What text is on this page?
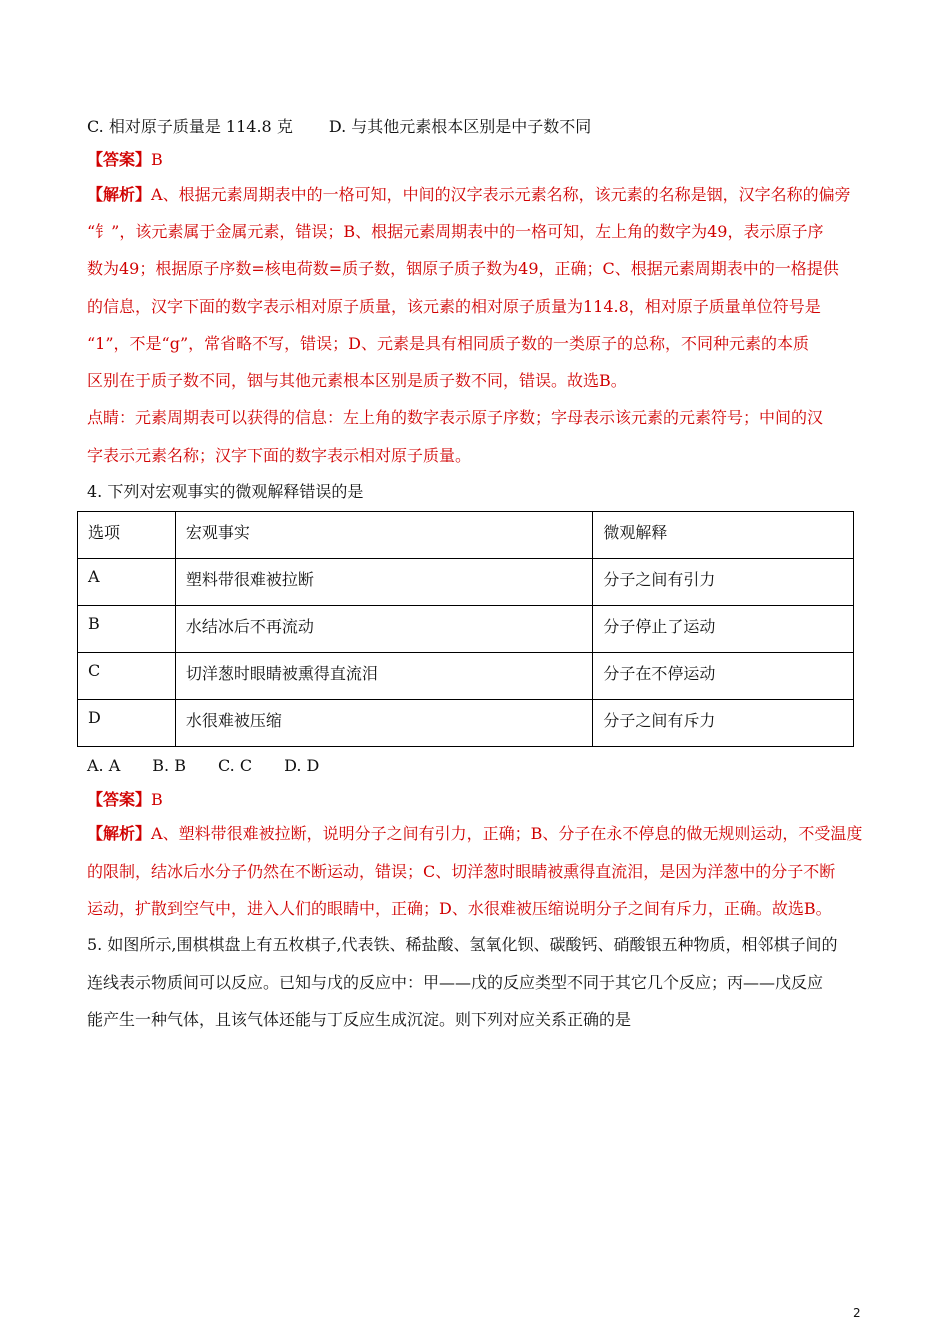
C. 相对原子质量是 114.8 克 D. 与其他元素根本区别是中子数不同
【答案】B
【解析】A、根据元素周期表中的一格可知，中间的汉字表示元素名称，该元素的名称是铟，汉字名称的偏旁
“钅”，该元素属于金属元素，错误；B、根据元素周期表中的一格可知，左上角的数字为49，表示原子序
数为49；根据原子序数=核电荷数=质子数，铟原子质子数为49，正确；C、根据元素周期表中的一格提供
的信息，汉字下面的数字表示相对原子质量，该元素的相对原子质量为114.8，相对原子质量单位符号是
“1”，不是“g”，常省略不写，错误；D、元素是具有相同质子数的一类原子的总称，不同种元素的本质
区别在于质子数不同，铟与其他元素根本区别是质子数不同，错误。故选B。
点睛：元素周期表可以获得的信息：左上角的数字表示原子序数；字母表示该元素的元素符号；中间的汉
字表示元素名称；汉字下面的数字表示相对原子质量。
4. 下列对宏观事实的微观解释错误的是
选项	宏观事实	微观解释
A	塑料带很难被拉断	分子之间有引力
B	水结冰后不再流动	分子停止了运动
C	切洋葱时眼睛被熏得直流泪	分子在不停运动
D	水很难被压缩	分子之间有斥力
A. A B. B C. C D. D
【答案】B
【解析】A、塑料带很难被拉断，说明分子之间有引力，正确；B、分子在永不停息的做无规则运动，不受温度
的限制，结冰后水分子仍然在不断运动，错误；C、切洋葱时眼睛被熏得直流泪，是因为洋葱中的分子不断
运动，扩散到空气中，进入人们的眼睛中，正确；D、水很难被压缩说明分子之间有斥力，正确。故选B。
5. 如图所示,围棋棋盘上有五枚棋子,代表铁、稀盐酸、氢氧化钡、碳酸钙、硝酸银五种物质，相邻棋子间的
连线表示物质间可以反应。已知与戊的反应中：甲——戊的反应类型不同于其它几个反应；丙——戊反应
能产生一种气体，且该气体还能与丁反应生成沉淀。则下列对应关系正确的是
2
